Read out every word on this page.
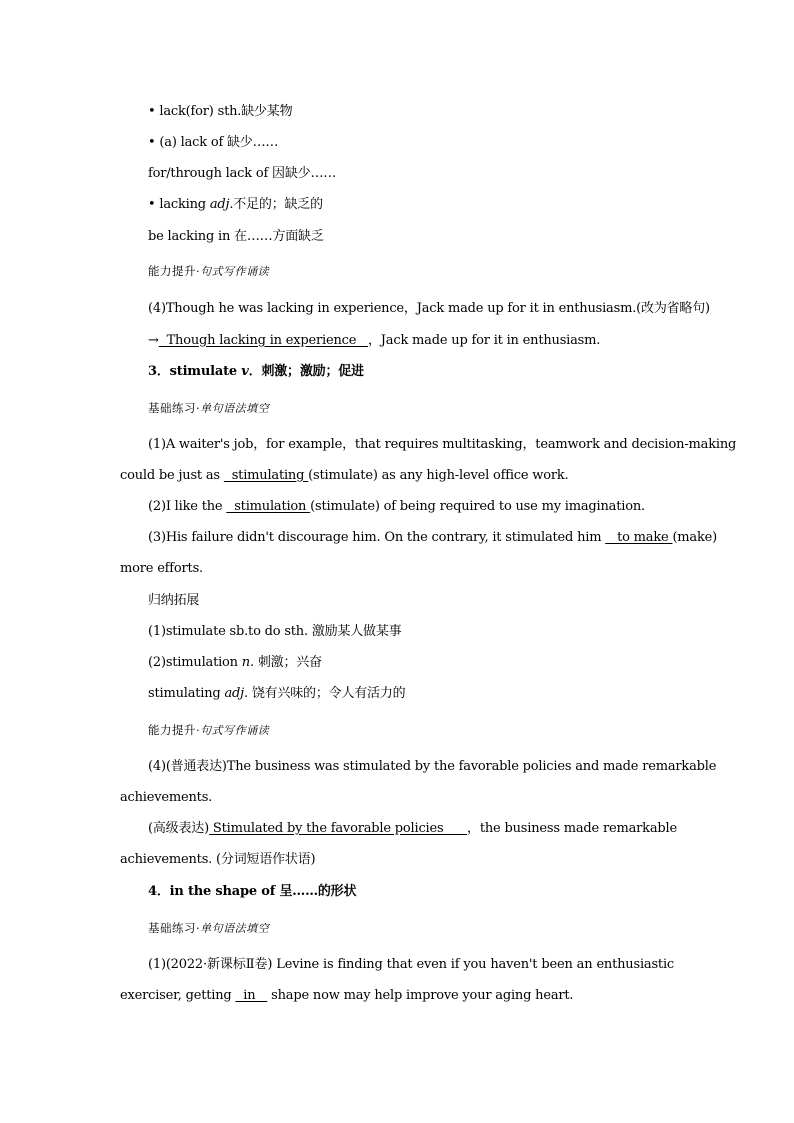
• lack(for) sth.缺少某物
• (a) lack of 缺少……
for/through lack of 因缺少……
• lacking adj.不足的；缺乏的
be lacking in 在……方面缺乏
能力提升·句式写作诵读
(4)Though he was lacking in experience，Jack made up for it in enthusiasm.(改为省略句)
→  Though lacking in experience   ，Jack made up for it in enthusiasm.
3．stimulate v．刺激；激励；促进
基础练习·单句语法填空
(1)A waiter's job，for example，that requires multitasking，teamwork and decision-making
could be just as   stimulating (stimulate) as any high-level office work.
(2)I like the   stimulation (stimulate) of being required to use my imagination.
(3)His failure didn't discourage him. On the contrary, it stimulated him    to make (make)
more efforts.
归纳拓展
(1)stimulate sb.to do sth. 激励某人做某事
(2)stimulation n. 刺激；兴奋
stimulating adj. 饶有兴味的；令人有活力的
能力提升·句式写作诵读
(4)(普通表达)The business was stimulated by the favorable policies and made remarkable
achievements.
(高级表达) Stimulated by the favorable policies      ，the business made remarkable
achievements. (分词短语作状语)
4．in the shape of 呈……的形状
基础练习·单句语法填空
(1)(2022·新课标Ⅱ卷) Levine is finding that even if you haven't been an enthusiastic
exerciser, getting   in    shape now may help improve your aging heart.
